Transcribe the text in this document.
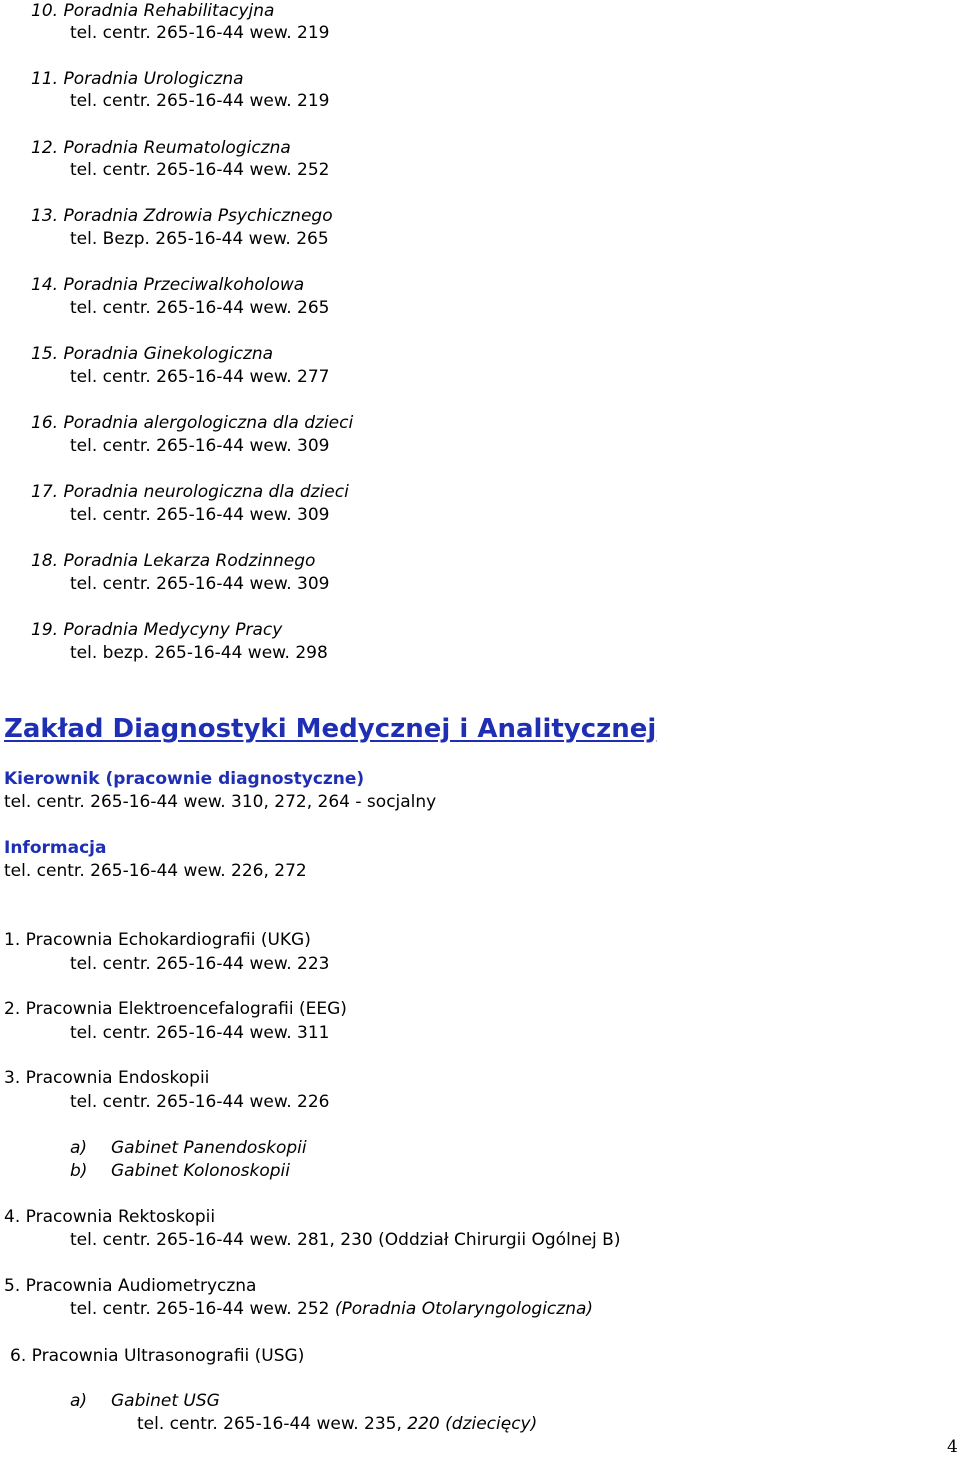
10. Poradnia Rehabilitacyjna
tel. centr. 265-16-44 wew. 219
11. Poradnia Urologiczna
tel. centr. 265-16-44 wew. 219
12. Poradnia Reumatologiczna
tel. centr. 265-16-44 wew. 252
13. Poradnia Zdrowia Psychicznego
tel. Bezp. 265-16-44 wew. 265
14. Poradnia Przeciwalkoholowa
tel. centr. 265-16-44 wew. 265
15. Poradnia Ginekologiczna
tel. centr. 265-16-44 wew. 277
16. Poradnia alergologiczna dla dzieci
tel. centr. 265-16-44 wew. 309
17. Poradnia neurologiczna dla dzieci
tel. centr. 265-16-44 wew. 309
18. Poradnia Lekarza Rodzinnego
tel. centr. 265-16-44 wew. 309
19. Poradnia Medycyny Pracy
tel. bezp. 265-16-44 wew. 298
Zakład Diagnostyki Medycznej i Analitycznej
Kierownik (pracownie diagnostyczne)
tel. centr. 265-16-44 wew. 310, 272, 264 - socjalny
Informacja
tel. centr. 265-16-44 wew. 226, 272
1. Pracownia Echokardiografii (UKG)
tel. centr. 265-16-44 wew. 223
2. Pracownia Elektroencefalografii (EEG)
tel. centr. 265-16-44 wew. 311
3. Pracownia Endoskopii
tel. centr. 265-16-44 wew. 226
a) Gabinet Panendoskopii
b) Gabinet Kolonoskopii
4. Pracownia Rektoskopii
tel. centr. 265-16-44 wew. 281, 230 (Oddział Chirurgii Ogólnej B)
5. Pracownia Audiometryczna
tel. centr. 265-16-44 wew. 252 (Poradnia Otolaryngologiczna)
6. Pracownia Ultrasonografii (USG)
a) Gabinet USG
tel. centr. 265-16-44 wew. 235, 220 (dziecięcy)
4
